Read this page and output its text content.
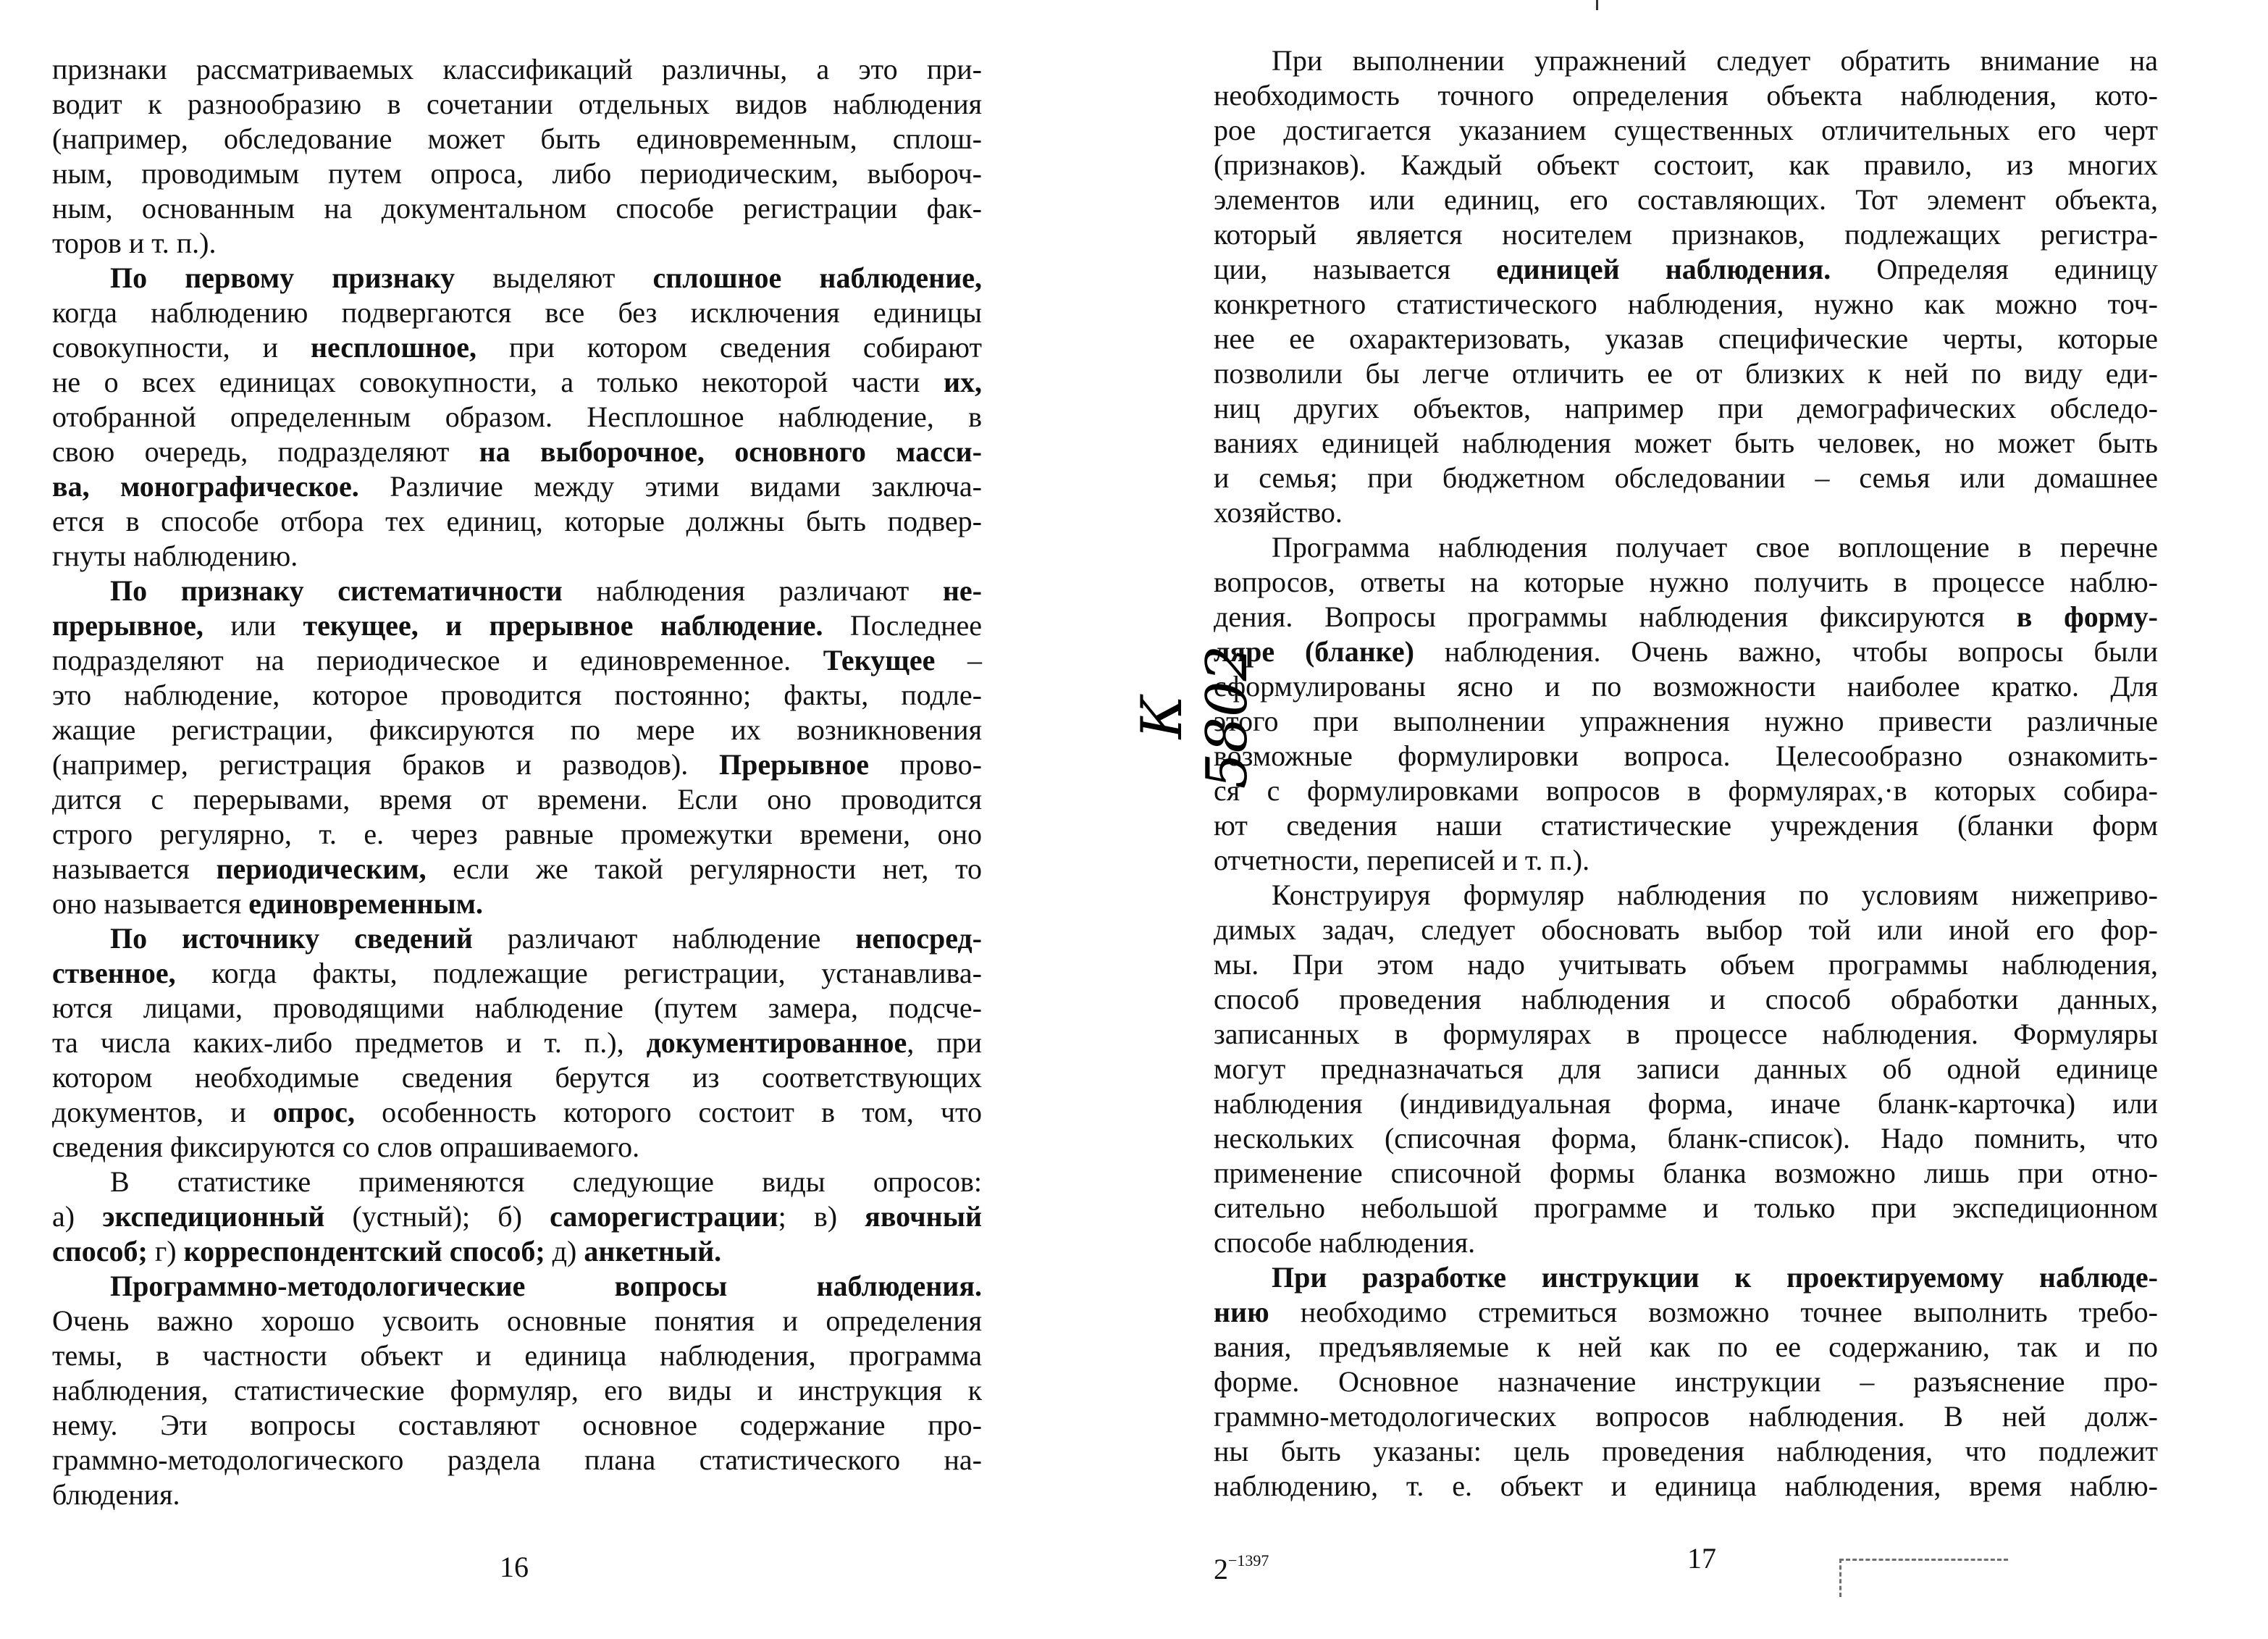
признаки рассматриваемых классификаций различны, а это при-
водит к разнообразию в сочетании отдельных видов наблюдения
(например, обследование может быть единовременным, сплош-
ным, проводимым путем опроса, либо периодическим, выбороч-
ным, основанным на документальном способе регистрации фак-
торов и т. п.).
По первому признаку выделяют сплошное наблюдение,
когда наблюдению подвергаются все без исключения единицы
совокупности, и несплошное, при котором сведения собирают
не о всех единицах совокупности, а только некоторой части их,
отобранной определенным образом. Несплошное наблюдение, в
свою очередь, подразделяют на выборочное, основного масси-
ва, монографическое. Различие между этими видами заключа-
ется в способе отбора тех единиц, которые должны быть подвер-
гнуты наблюдению.
По признаку систематичности наблюдения различают не-
прерывное, или текущее, и прерывное наблюдение. Последнее
подразделяют на периодическое и единовременное. Текущее –
это наблюдение, которое проводится постоянно; факты, подле-
жащие регистрации, фиксируются по мере их возникновения
(например, регистрация браков и разводов). Прерывное прово-
дится с перерывами, время от времени. Если оно проводится
строго регулярно, т. е. через равные промежутки времени, оно
называется периодическим, если же такой регулярности нет, то
оно называется единовременным.
По источнику сведений различают наблюдение непосред-
ственное, когда факты, подлежащие регистрации, устанавлива-
ются лицами, проводящими наблюдение (путем замера, подсче-
та числа каких-либо предметов и т. п.), документированное, при
котором необходимые сведения берутся из соответствующих
документов, и опрос, особенность которого состоит в том, что
сведения фиксируются со слов опрашиваемого.
В статистике применяются следующие виды опросов:
а) экспедиционный (устный); б) саморегистрации; в) явочный
способ; г) корреспондентский способ; д) анкетный.
Программно-методологические вопросы наблюдения.
Очень важно хорошо усвоить основные понятия и определения
темы, в частности объект и единица наблюдения, программа
наблюдения, статистические формуляр, его виды и инструкция к
нему. Эти вопросы составляют основное содержание про-
граммно-методологического раздела плана статистического на-
блюдения.
При выполнении упражнений следует обратить внимание на
необходимость точного определения объекта наблюдения, кото-
рое достигается указанием существенных отличительных его черт
(признаков). Каждый объект состоит, как правило, из многих
элементов или единиц, его составляющих. Тот элемент объекта,
который является носителем признаков, подлежащих регистра-
ции, называется единицей наблюдения. Определяя единицу
конкретного статистического наблюдения, нужно как можно точ-
нее ее охарактеризовать, указав специфические черты, которые
позволили бы легче отличить ее от близких к ней по виду еди-
ниц других объектов, например при демографических обследо-
ваниях единицей наблюдения может быть человек, но может быть
и семья; при бюджетном обследовании – семья или домашнее
хозяйство.
Программа наблюдения получает свое воплощение в перечне
вопросов, ответы на которые нужно получить в процессе наблю-
дения. Вопросы программы наблюдения фиксируются в форму-
ляре (бланке) наблюдения. Очень важно, чтобы вопросы были
сформулированы ясно и по возможности наиболее кратко. Для
этого при выполнении упражнения нужно привести различные
возможные формулировки вопроса. Целесообразно ознакомить-
ся с формулировками вопросов в формулярах,·в которых собира-
ют сведения наши статистические учреждения (бланки форм
отчетности, переписей и т. п.).
Конструируя формуляр наблюдения по условиям нижеприво-
димых задач, следует обосновать выбор той или иной его фор-
мы. При этом надо учитывать объем программы наблюдения,
способ проведения наблюдения и способ обработки данных,
записанных в формулярах в процессе наблюдения. Формуляры
могут предназначаться для записи данных об одной единице
наблюдения (индивидуальная форма, иначе бланк-карточка) или
нескольких (списочная форма, бланк-список). Надо помнить, что
применение списочной формы бланка возможно лишь при отно-
сительно небольшой программе и только при экспедиционном
способе наблюдения.
При разработке инструкции к проектируемому наблюде-
нию необходимо стремиться возможно точнее выполнить требо-
вания, предъявляемые к ней как по ее содержанию, так и по
форме. Основное назначение инструкции – разъяснение про-
граммно-методологических вопросов наблюдения. В ней долж-
ны быть указаны: цель проведения наблюдения, что подлежит
наблюдению, т. е. объект и единица наблюдения, время наблю-
16	17
$2^{-1397}$
К 5802
